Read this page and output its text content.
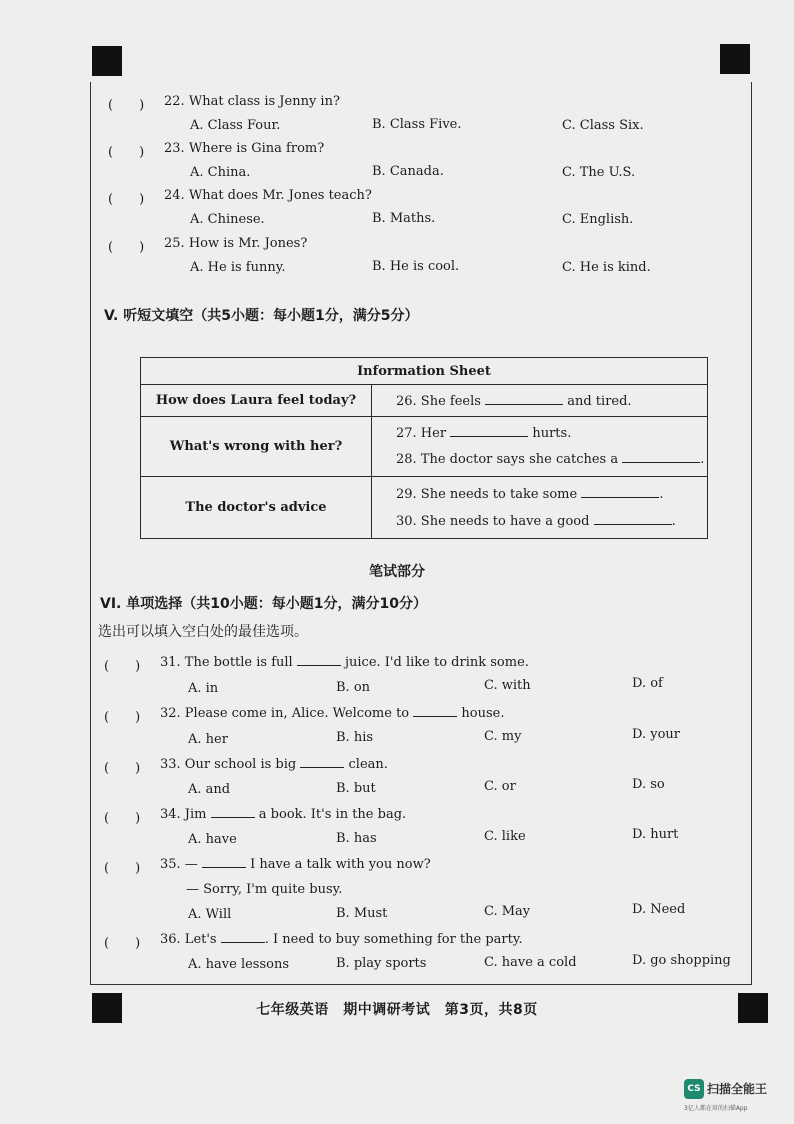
(　　) 22. What class is Jenny in?
A. Class Four.	B. Class Five.	C. Class Six.
(　　) 23. Where is Gina from?
A. China.	B. Canada.	C. The U.S.
(　　) 24. What does Mr. Jones teach?
A. Chinese.	B. Maths.	C. English.
(　　) 25. How is Mr. Jones?
A. He is funny.	B. He is cool.	C. He is kind.
V. 听短文填空（共5小题：每小题1分，满分5分）
Information Sheet	
How does Laura feel today?	26. She feels and tired.
What's wrong with her?	27. Her hurts.
28. The doctor says she catches a .

The doctor's advice	29. She needs to take some .
30. She needs to have a good .
笔试部分
VI. 单项选择（共10小题：每小题1分，满分10分）
选出可以填入空白处的最佳选项。
(　　) 31. The bottle is full	juice. I'd like to drink some.
A. in	B. on	C. with	D. of
(　　) 32. Please come in, Alice. Welcome to	house.
A. her	B. his	C. my	D. your
(　　) 33. Our school is big	clean.
A. and	B. but	C. or	D. so
(　　) 34. Jim	a book. It's in the bag.
A. have	B. has	C. like	D. hurt
(　　) 35. —	I have a talk with you now?
— Sorry, I'm quite busy.
A. Will	B. Must	C. May	D. Need
(　　) 36. Let's	. I need to buy something for the party.
A. have lessons	B. play sports	C. have a cold	D. go shopping
七年级英语　期中调研考试　第3页，共8页
CS 扫描全能王
3亿人都在用的扫描App
